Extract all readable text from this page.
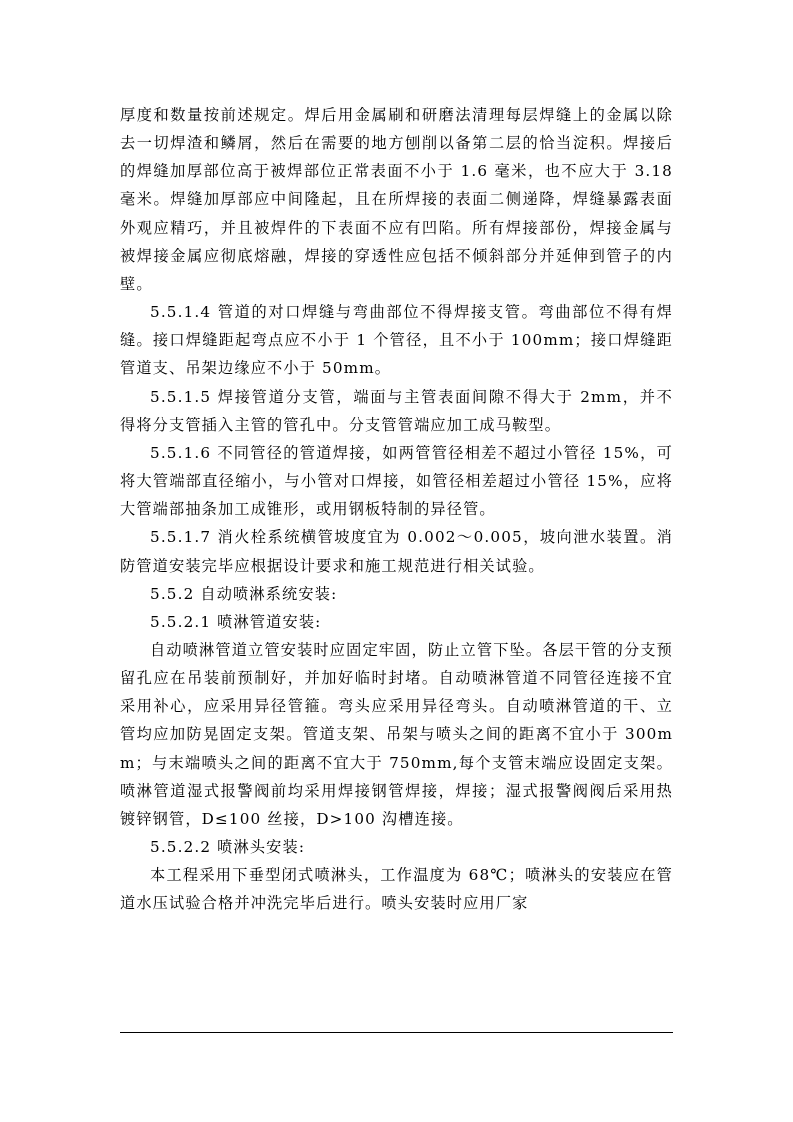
厚度和数量按前述规定。焊后用金属刷和研磨法清理每层焊缝上的金属以除去一切焊渣和鳞屑，然后在需要的地方刨削以备第二层的恰当淀积。焊接后的焊缝加厚部位高于被焊部位正常表面不小于 1.6 毫米，也不应大于 3.18 毫米。焊缝加厚部应中间隆起，且在所焊接的表面二侧递降，焊缝暴露表面外观应精巧，并且被焊件的下表面不应有凹陷。所有焊接部份，焊接金属与被焊接金属应彻底熔融，焊接的穿透性应包括不倾斜部分并延伸到管子的内壁。

5.5.1.4 管道的对口焊缝与弯曲部位不得焊接支管。弯曲部位不得有焊缝。接口焊缝距起弯点应不小于 1 个管径，且不小于 100mm；接口焊缝距管道支、吊架边缘应不小于 50mm。

5.5.1.5 焊接管道分支管，端面与主管表面间隙不得大于 2mm，并不得将分支管插入主管的管孔中。分支管管端应加工成马鞍型。

5.5.1.6 不同管径的管道焊接，如两管管径相差不超过小管径 15%，可将大管端部直径缩小，与小管对口焊接，如管径相差超过小管径 15%，应将大管端部抽条加工成锥形，或用钢板特制的异径管。

5.5.1.7 消火栓系统横管坡度宜为 0.002～0.005，坡向泄水装置。消防管道安装完毕应根据设计要求和施工规范进行相关试验。

5.5.2 自动喷淋系统安装:

5.5.2.1 喷淋管道安装:

自动喷淋管道立管安装时应固定牢固，防止立管下坠。各层干管的分支预留孔应在吊装前预制好，并加好临时封堵。自动喷淋管道不同管径连接不宜采用补心，应采用异径管箍。弯头应采用异径弯头。自动喷淋管道的干、立管均应加防晃固定支架。管道支架、吊架与喷头之间的距离不宜小于 300mm；与末端喷头之间的距离不宜大于 750mm,每个支管末端应设固定支架。喷淋管道湿式报警阀前均采用焊接钢管焊接，焊接；湿式报警阀阀后采用热镀锌钢管，D≤100 丝接，D>100 沟槽连接。

5.5.2.2 喷淋头安装:

本工程采用下垂型闭式喷淋头，工作温度为 68℃；喷淋头的安装应在管道水压试验合格并冲洗完毕后进行。喷头安装时应用厂家
